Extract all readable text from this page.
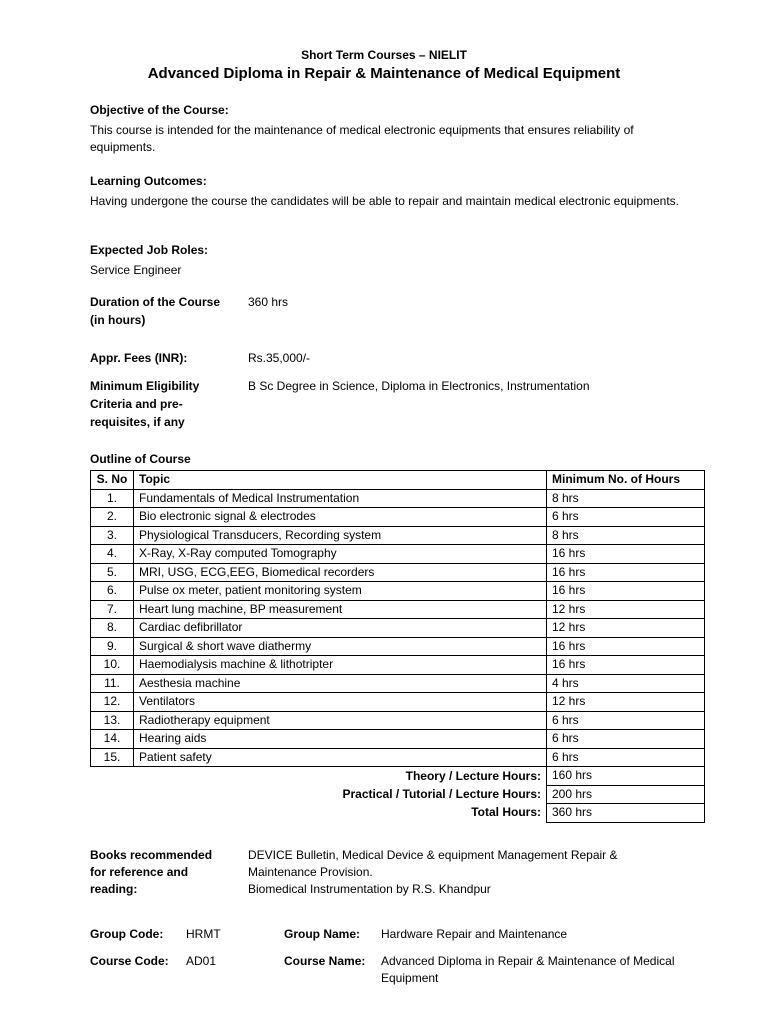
Short Term Courses – NIELIT
Advanced Diploma in Repair & Maintenance of Medical Equipment
Objective of the Course:
This course is intended for the maintenance of medical electronic equipments that ensures reliability of equipments.
Learning Outcomes:
Having undergone the course the candidates will be able to repair and maintain medical electronic equipments.
Expected Job Roles:
Service Engineer
Duration of the Course
(in hours)
360 hrs
Appr. Fees (INR):	Rs.35,000/-
Minimum Eligibility
Criteria and pre-
requisites, if any
B Sc Degree in Science, Diploma in Electronics, Instrumentation
Outline of Course
S. No	Topic	Minimum No. of Hours
1.	Fundamentals of Medical Instrumentation	8 hrs
2.	Bio electronic signal & electrodes	6 hrs
3.	Physiological Transducers, Recording system	8 hrs
4.	X-Ray, X-Ray computed Tomography	16 hrs
5.	MRI, USG, ECG,EEG, Biomedical recorders	16 hrs
6.	Pulse ox meter, patient monitoring system	16 hrs
7.	Heart lung machine, BP measurement	12 hrs
8.	Cardiac defibrillator	12 hrs
9.	Surgical & short wave diathermy	16 hrs
10.	Haemodialysis machine & lithotripter	16 hrs
11.	Aesthesia machine	4 hrs
12.	Ventilators	12 hrs
13.	Radiotherapy equipment	6 hrs
14.	Hearing aids	6 hrs
15.	Patient safety	6 hrs
	Theory / Lecture Hours:	160 hrs
	Practical / Tutorial / Lecture Hours:	200 hrs
	Total Hours:	360 hrs
Books recommended
for reference and
reading:
DEVICE Bulletin, Medical Device & equipment Management Repair &
Maintenance Provision.
Biomedical Instrumentation by R.S. Khandpur
Group Code: HRMT	Group Name: Hardware Repair and Maintenance
Course Code: AD01	Course Name: Advanced Diploma in Repair & Maintenance of Medical
Equipment
